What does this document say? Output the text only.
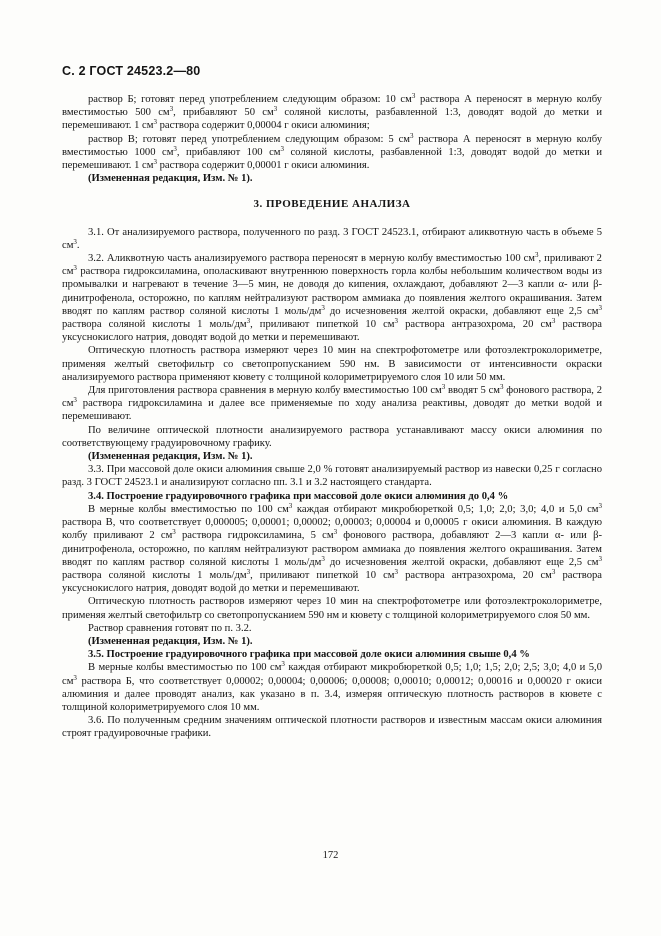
С. 2 ГОСТ 24523.2—80

раствор Б; готовят перед употреблением следующим образом: 10 $см^3$ раствора А переносят в мерную колбу вместимостью 500 $см^3$, прибавляют 50 $см^3$ соляной кислоты, разбавленной 1:3, доводят водой до метки и перемешивают. 1 $см^3$ раствора содержит 0,00004 г окиси алюминия;

раствор В; готовят перед употреблением следующим образом: 5 $см^3$ раствора А переносят в мерную колбу вместимостью 1000 $см^3$, прибавляют 100 $см^3$ соляной кислоты, разбавленной 1:3, доводят водой до метки и перемешивают. 1 $см^3$ раствора содержит 0,00001 г окиси алюминия.

(Измененная редакция, Изм. № 1).

3. ПРОВЕДЕНИЕ АНАЛИЗА

3.1. От анализируемого раствора, полученного по разд. 3 ГОСТ 24523.1, отбирают аликвотную часть в объеме 5 $см^3$.

3.2. Аликвотную часть анализируемого раствора переносят в мерную колбу вместимостью 100 $см^3$, приливают 2 $см^3$ раствора гидроксиламина, ополаскивают внутреннюю поверхность горла колбы небольшим количеством воды из промывалки и нагревают в течение 3—5 мин, не доводя до кипения, охлаждают, добавляют 2—3 капли α- или β-динитрофенола, осторожно, по каплям нейтрализуют раствором аммиака до появления желтого окрашивания. Затем вводят по каплям раствор соляной кислоты 1 моль/$дм^3$ до исчезновения желтой окраски, добавляют еще 2,5 $см^3$ раствора соляной кислоты 1 моль/$дм^3$, приливают пипеткой 10 $см^3$ раствора антразохрома, 20 $см^3$ раствора уксуснокислого натрия, доводят водой до метки и перемешивают.

Оптическую плотность раствора измеряют через 10 мин на спектрофотометре или фотоэлектроколориметре, применяя желтый светофильтр со светопропусканием 590 нм. В зависимости от интенсивности окраски анализируемого раствора применяют кювету с толщиной колориметрируемого слоя 10 или 50 мм.

Для приготовления раствора сравнения в мерную колбу вместимостью 100 $см^3$ вводят 5 $см^3$ фонового раствора, 2 $см^3$ раствора гидроксиламина и далее все применяемые по ходу анализа реактивы, доводят до метки водой и перемешивают.

По величине оптической плотности анализируемого раствора устанавливают массу окиси алюминия по соответствующему градуировочному графику.

(Измененная редакция, Изм. № 1).

3.3. При массовой доле окиси алюминия свыше 2,0 % готовят анализируемый раствор из навески 0,25 г согласно разд. 3 ГОСТ 24523.1 и анализируют согласно пп. 3.1 и 3.2 настоящего стандарта.

3.4. Построение градуировочного графика при массовой доле окиси алюминия до 0,4 %

В мерные колбы вместимостью по 100 $см^3$ каждая отбирают микробюреткой 0,5; 1,0; 2,0; 3,0; 4,0 и 5,0 $см^3$ раствора В, что соответствует 0,000005; 0,00001; 0,00002; 0,00003; 0,00004 и 0,00005 г окиси алюминия. В каждую колбу приливают 2 $см^3$ раствора гидроксиламина, 5 $см^3$ фонового раствора, добавляют 2—3 капли α- или β-динитрофенола, осторожно, по каплям нейтрализуют раствором аммиака до появления желтого окрашивания. Затем вводят по каплям раствор соляной кислоты 1 моль/$дм^3$ до исчезновения желтой окраски, добавляют еще 2,5 $см^3$ раствора соляной кислоты 1 моль/$дм^3$, приливают пипеткой 10 $см^3$ раствора антразохрома, 20 $см^3$ раствора уксуснокислого натрия, доводят водой до метки и перемешивают.

Оптическую плотность растворов измеряют через 10 мин на спектрофотометре или фотоэлектроколориметре, применяя желтый светофильтр со светопропусканием 590 нм и кювету с толщиной колориметрируемого слоя 50 мм.

Раствор сравнения готовят по п. 3.2.

(Измененная редакция, Изм. № 1).

3.5. Построение градуировочного графика при массовой доле окиси алюминия свыше 0,4 %

В мерные колбы вместимостью по 100 $см^3$ каждая отбирают микробюреткой 0,5; 1,0; 1,5; 2,0; 2,5; 3,0; 4,0 и 5,0 $см^3$ раствора Б, что соответствует 0,00002; 0,00004; 0,00006; 0,00008; 0,00010; 0,00012; 0,00016 и 0,00020 г окиси алюминия и далее проводят анализ, как указано в п. 3.4, измеряя оптическую плотность растворов в кювете с толщиной колориметрируемого слоя 10 мм.

3.6. По полученным средним значениям оптической плотности растворов и известным массам окиси алюминия строят градуировочные графики.

172
